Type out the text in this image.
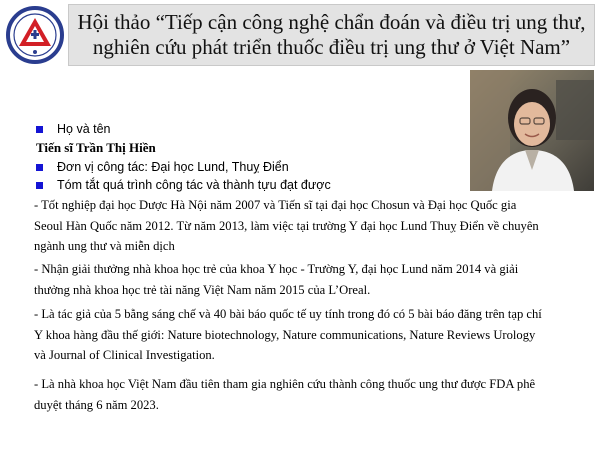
Hội thảo “Tiếp cận công nghệ chẩn đoán và điều trị ung thư,
nghiên cứu phát triển thuốc điều trị ung thư ở Việt Nam”
Họ và tên
Tiến sĩ Trần Thị Hiền
Đơn vị công tác: Đại học Lund, Thuỵ Điển
Tóm tắt quá trình công tác và thành tựu đạt được
- Tốt nghiệp đại học Dược Hà Nội năm 2007 và Tiến sĩ tại đại học Chosun và Đại học Quốc gia
Seoul Hàn Quốc năm 2012. Từ năm 2013, làm việc tại trường Y đại học Lund Thuỵ Điển về chuyên
ngành ung thư và miễn dịch
- Nhận giải thưởng nhà khoa học trẻ của khoa Y học - Trường Y, đại học Lund năm 2014 và giải
thưởng nhà khoa học trẻ tài năng Việt Nam năm 2015 của L’Oreal.
- Là tác giả của 5 bằng sáng chế và 40 bài báo quốc tế uy tính trong đó có 5 bài báo đăng trên tạp chí
Y khoa hàng đầu thế giới: Nature biotechnology, Nature communications, Nature Reviews Urology
và Journal of Clinical Investigation.
- Là nhà khoa học Việt Nam đầu tiên tham gia nghiên cứu thành công thuốc ung thư được FDA phê
duyệt tháng 6 năm 2023.
